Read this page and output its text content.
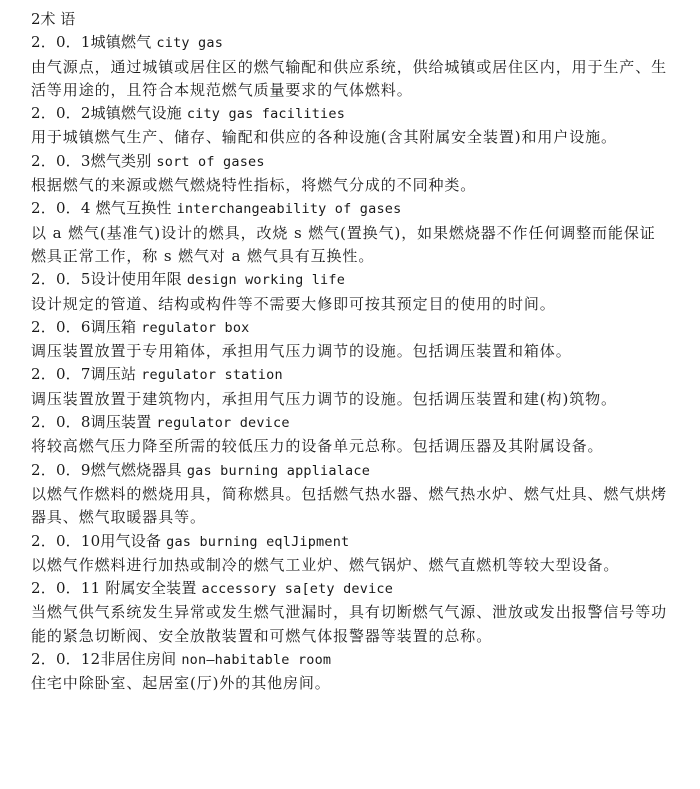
2术 语
2．0．1城镇燃气 city gas
由气源点，通过城镇或居住区的燃气输配和供应系统，供给城镇或居住区内，用于生产、生活等用途的，且符合本规范燃气质量要求的气体燃料。
2．0．2城镇燃气设施 city gas facilities
用于城镇燃气生产、储存、输配和供应的各种设施(含其附属安全装置)和用户设施。
2．0．3燃气类别 sort of gases
根据燃气的来源或燃气燃烧特性指标，将燃气分成的不同种类。
2．0．4 燃气互换性 interchangeability of gases
以 a 燃气(基准气)设计的燃具，改烧 s 燃气(置换气)，如果燃烧器不作任何调整而能保证燃具正常工作，称 s 燃气对 a 燃气具有互换性。
2．0．5设计使用年限 design working life
设计规定的管道、结构或构件等不需要大修即可按其预定目的使用的时间。
2．0．6调压箱 regulator box
调压装置放置于专用箱体，承担用气压力调节的设施。包括调压装置和箱体。
2．0．7调压站 regulator station
调压装置放置于建筑物内，承担用气压力调节的设施。包括调压装置和建(构)筑物。
2．0．8调压装置 regulator device
将较高燃气压力降至所需的较低压力的设备单元总称。包括调压器及其附属设备。
2．0．9燃气燃烧器具 gas burning applialace
以燃气作燃料的燃烧用具，简称燃具。包括燃气热水器、燃气热水炉、燃气灶具、燃气烘烤器具、燃气取暖器具等。
2．0．10用气设备 gas burning eqlJipment
以燃气作燃料进行加热或制冷的燃气工业炉、燃气锅炉、燃气直燃机等较大型设备。
2．0．11 附属安全装置 accessory sa[ety device
当燃气供气系统发生异常或发生燃气泄漏时，具有切断燃气气源、泄放或发出报警信号等功能的紧急切断阀、安全放散装置和可燃气体报警器等装置的总称。
2．0．12非居住房间 non—habitable room
住宅中除卧室、起居室(厅)外的其他房间。
